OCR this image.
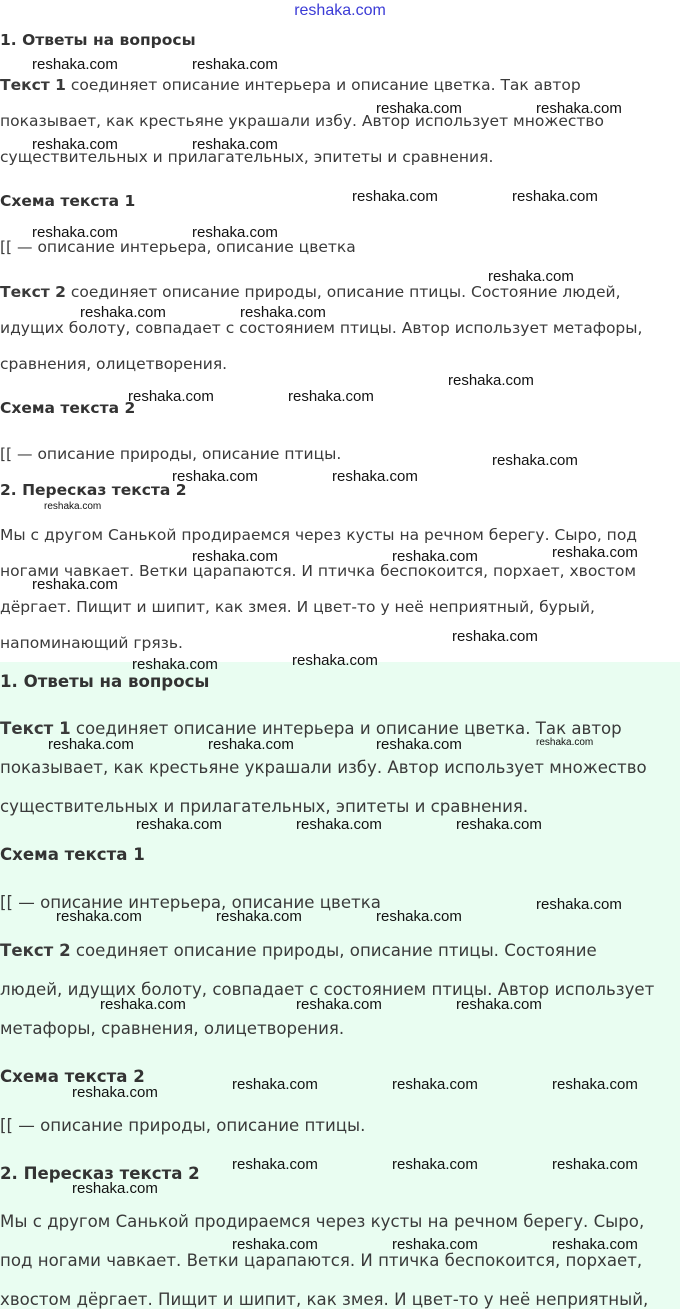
reshaka.com
1. Ответы на вопросы
Текст 1 соединяет описание интерьера и описание цветка. Так автор
показывает, как крестьяне украшали избу. Автор использует множество
существительных и прилагательных, эпитеты и сравнения.
Схема текста 1
[[ — описание интерьера, описание цветка
Текст 2 соединяет описание природы, описание птицы. Состояние людей,
идущих болоту, совпадает с состоянием птицы. Автор использует метафоры,
сравнения, олицетворения.
Схема текста 2
[[ — описание природы, описание птицы.
2. Пересказ текста 2
Мы с другом Санькой продираемся через кусты на речном берегу. Сыро, под
ногами чавкает. Ветки царапаются. И птичка беспокоится, порхает, хвостом
дёргает. Пищит и шипит, как змея. И цвет-то у неё неприятный, бурый,
напоминающий грязь.
1. Ответы на вопросы
Текст 1 соединяет описание интерьера и описание цветка. Так автор
показывает, как крестьяне украшали избу. Автор использует множество
существительных и прилагательных, эпитеты и сравнения.
Схема текста 1
[[ — описание интерьера, описание цветка
Текст 2 соединяет описание природы, описание птицы. Состояние
людей, идущих болоту, совпадает с состоянием птицы. Автор использует
метафоры, сравнения, олицетворения.
Схема текста 2
[[ — описание природы, описание птицы.
2. Пересказ текста 2
Мы с другом Санькой продираемся через кусты на речном берегу. Сыро,
под ногами чавкает. Ветки царапаются. И птичка беспокоится, порхает,
хвостом дёргает. Пищит и шипит, как змея. И цвет-то у неё неприятный,
reshaka.com	reshaka.com
reshaka.com	reshaka.com
reshaka.com	reshaka.com
reshaka.com	reshaka.com
reshaka.com	reshaka.com
reshaka.com
reshaka.com	reshaka.com
reshaka.com
reshaka.com	reshaka.com
reshaka.com
reshaka.com	reshaka.com
reshaka.com
reshaka.com
reshaka.com	reshaka.com
reshaka.com
reshaka.com
reshaka.com
reshaka.com
reshaka.com	reshaka.com	reshaka.com	reshaka.com
reshaka.com	reshaka.com	reshaka.com
reshaka.com
reshaka.com	reshaka.com	reshaka.com
reshaka.com	reshaka.com	reshaka.com
reshaka.com	reshaka.com	reshaka.com
reshaka.com
reshaka.com	reshaka.com	reshaka.com
reshaka.com
reshaka.com	reshaka.com	reshaka.com
